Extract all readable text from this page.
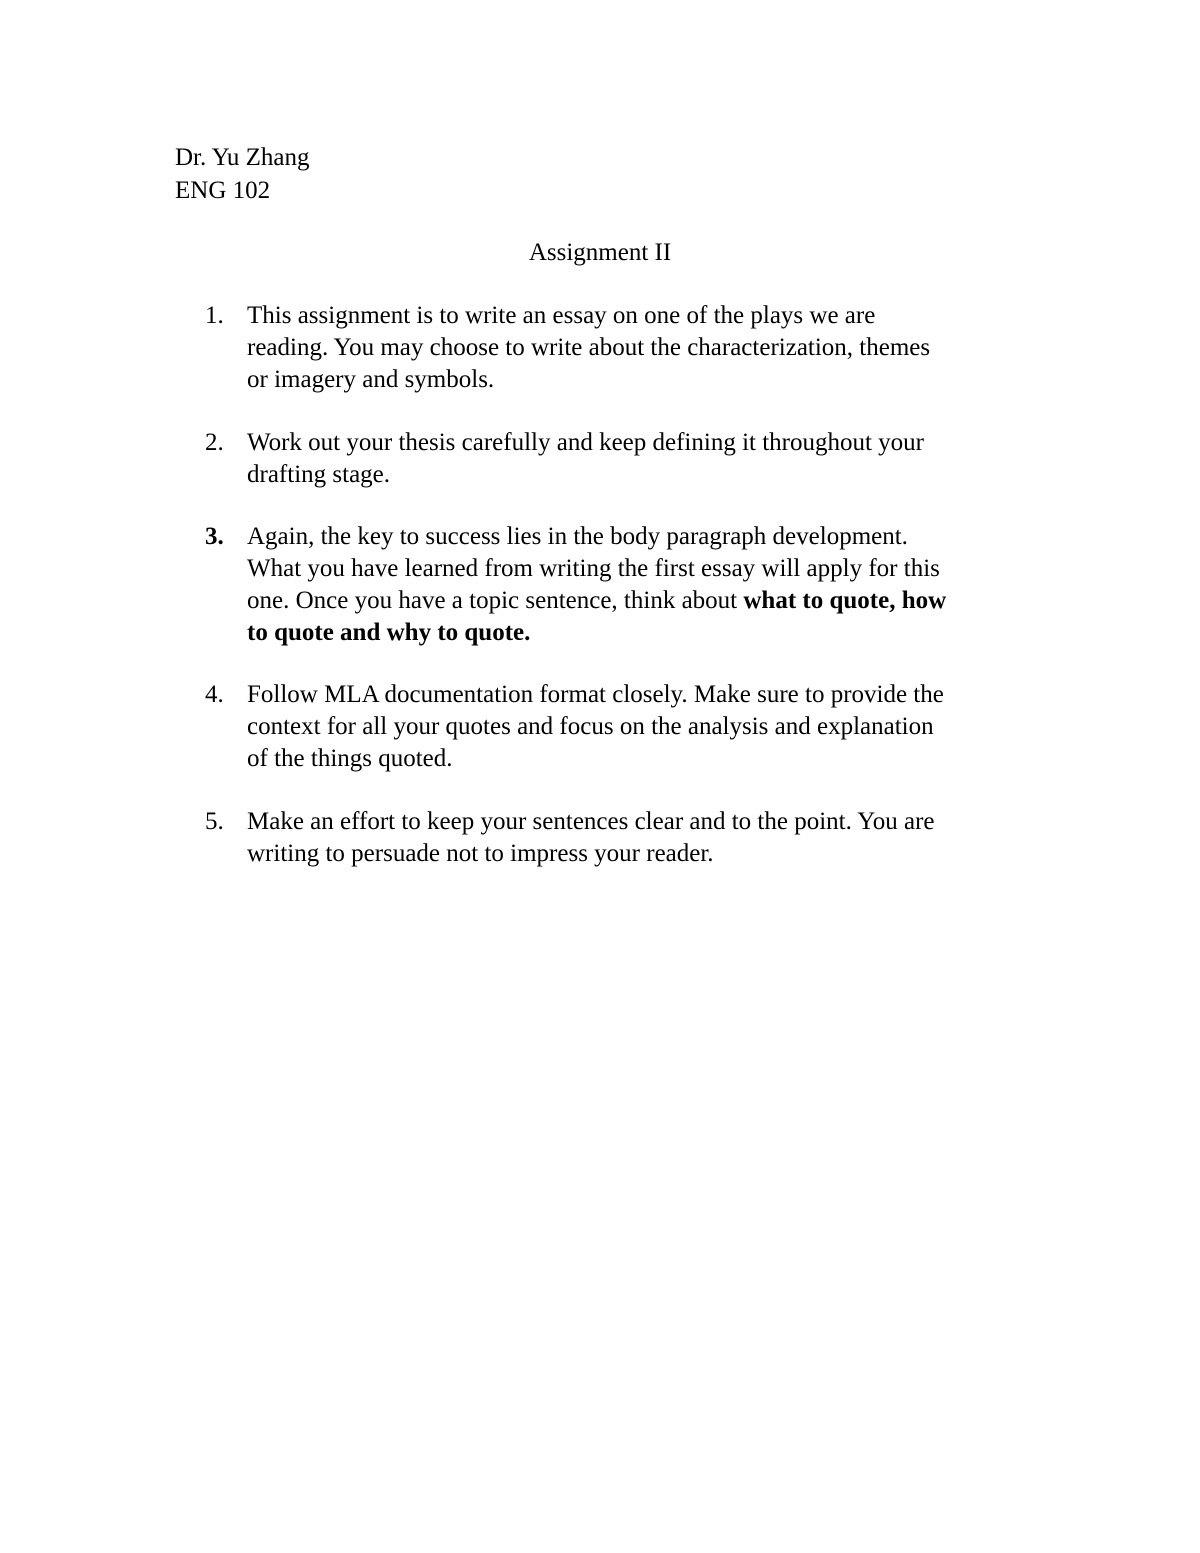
Dr. Yu Zhang
ENG 102
Assignment II
1. This assignment is to write an essay on one of the plays we are
reading. You may choose to write about the characterization, themes
or imagery and symbols.
2. Work out your thesis carefully and keep defining it throughout your
drafting stage.
3. Again, the key to success lies in the body paragraph development.
What you have learned from writing the first essay will apply for this
one. Once you have a topic sentence, think about what to quote, how
to quote and why to quote.
4. Follow MLA documentation format closely. Make sure to provide the
context for all your quotes and focus on the analysis and explanation
of the things quoted.
5. Make an effort to keep your sentences clear and to the point. You are
writing to persuade not to impress your reader.
